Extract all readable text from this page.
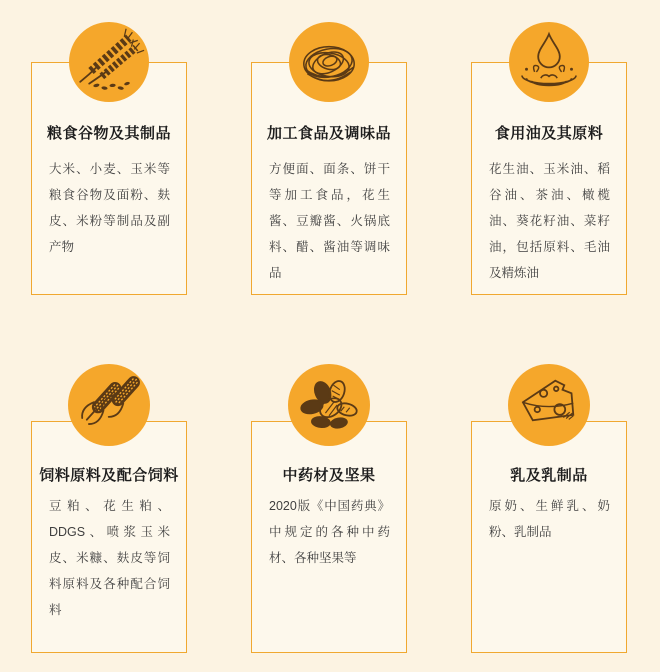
粮食谷物及其制品
大米、小麦、玉米等粮食谷物及面粉、麸皮、米粉等制品及副产物
加工食品及调味品
方便面、面条、饼干等加工食品，花生酱、豆瓣酱、火锅底料、醋、酱油等调味品
食用油及其原料
花生油、玉米油、稻谷油、茶油、橄榄油、葵花籽油、菜籽油，包括原料、毛油及精炼油
饲料原料及配合饲料
豆粕、花生粕、DDGS、喷浆玉米皮、米糠、麸皮等饲料原料及各种配合饲料
中药材及坚果
2020版《中国药典》中规定的各种中药材、各种坚果等
乳及乳制品
原奶、生鲜乳、奶粉、乳制品
